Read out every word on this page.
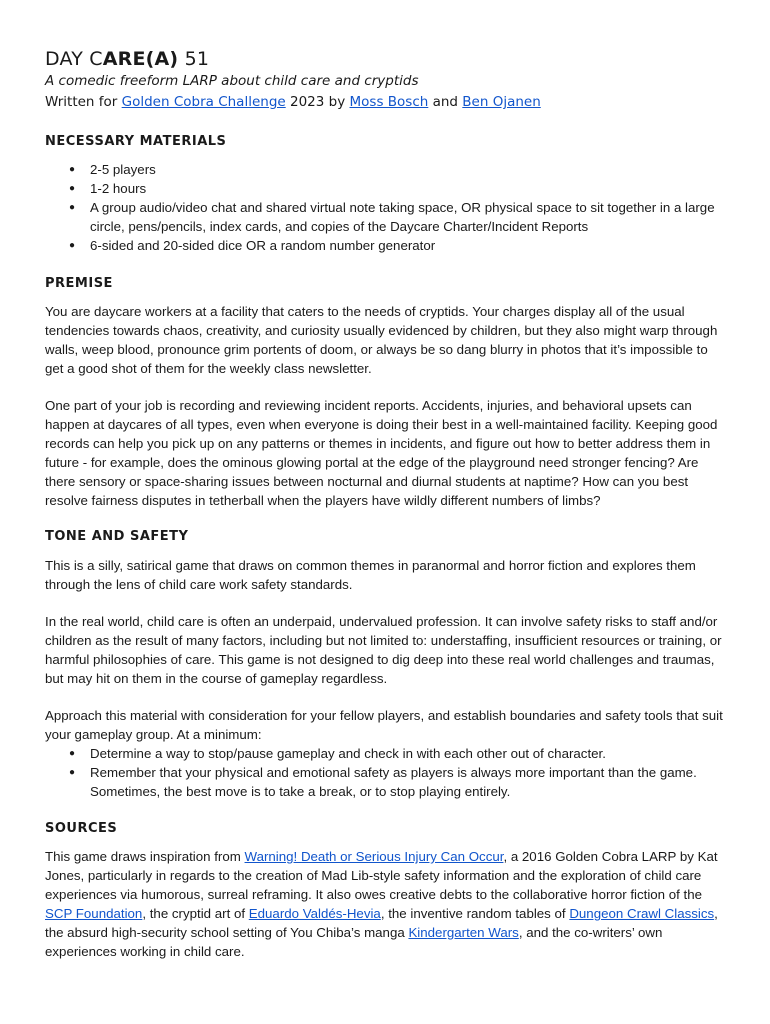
DAY CARE(A) 51

A comedic freeform LARP about child care and cryptids

Written for Golden Cobra Challenge 2023 by Moss Bosch and Ben Ojanen

NECESSARY MATERIALS
● 2-5 players
● 1-2 hours
● A group audio/video chat and shared virtual note taking space, OR physical space to sit together in a large circle, pens/pencils, index cards, and copies of the Daycare Charter/Incident Reports
● 6-sided and 20-sided dice OR a random number generator
PREMISE

You are daycare workers at a facility that caters to the needs of cryptids. Your charges display all of the usual tendencies towards chaos, creativity, and curiosity usually evidenced by children, but they also might warp through walls, weep blood, pronounce grim portents of doom, or always be so dang blurry in photos that it’s impossible to get a good shot of them for the weekly class newsletter.

One part of your job is recording and reviewing incident reports. Accidents, injuries, and behavioral upsets can happen at daycares of all types, even when everyone is doing their best in a well-maintained facility. Keeping good records can help you pick up on any patterns or themes in incidents, and figure out how to better address them in future - for example, does the ominous glowing portal at the edge of the playground need stronger fencing? Are there sensory or space-sharing issues between nocturnal and diurnal students at naptime? How can you best resolve fairness disputes in tetherball when the players have wildly different numbers of limbs?

TONE AND SAFETY

This is a silly, satirical game that draws on common themes in paranormal and horror fiction and explores them through the lens of child care work safety standards.

In the real world, child care is often an underpaid, undervalued profession. It can involve safety risks to staff and/or children as the result of many factors, including but not limited to: understaffing, insufficient resources or training, or harmful philosophies of care. This game is not designed to dig deep into these real world challenges and traumas, but may hit on them in the course of gameplay regardless.

Approach this material with consideration for your fellow players, and establish boundaries and safety tools that suit your gameplay group. At a minimum:

● Determine a way to stop/pause gameplay and check in with each other out of character.
● Remember that your physical and emotional safety as players is always more important than the game. Sometimes, the best move is to take a break, or to stop playing entirely.
SOURCES

This game draws inspiration from Warning! Death or Serious Injury Can Occur, a 2016 Golden Cobra LARP by Kat Jones, particularly in regards to the creation of Mad Lib-style safety information and the exploration of child care experiences via humorous, surreal reframing. It also owes creative debts to the collaborative horror fiction of the SCP Foundation, the cryptid art of Eduardo Valdés-Hevia, the inventive random tables of Dungeon Crawl Classics, the absurd high-security school setting of You Chiba’s manga Kindergarten Wars, and the co-writers’ own experiences working in child care.
